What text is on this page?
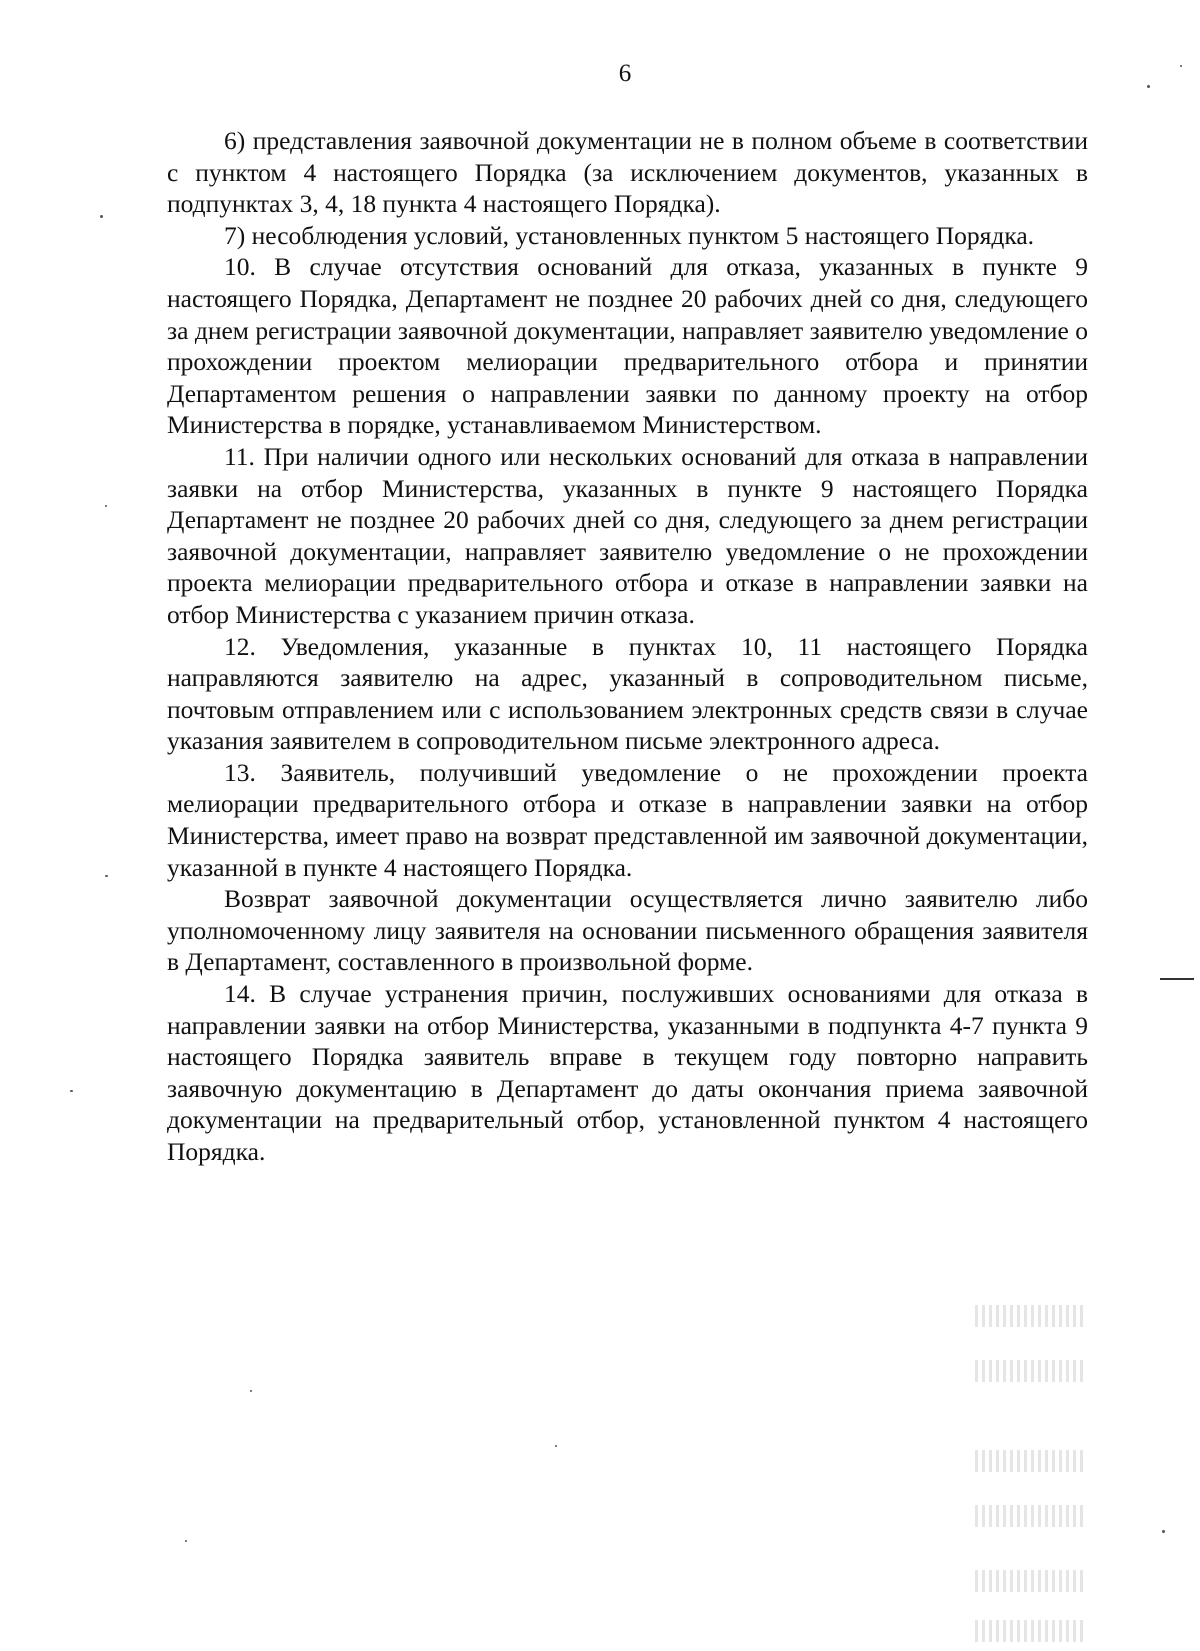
6

6) представления заявочной документации не в полном объеме в соответствии с пунктом 4 настоящего Порядка (за исключением документов, указанных в подпунктах 3, 4, 18 пункта 4 настоящего Порядка).

7) несоблюдения условий, установленных пунктом 5 настоящего Порядка.

10. В случае отсутствия оснований для отказа, указанных в пункте 9 настоящего Порядка, Департамент не позднее 20 рабочих дней со дня, следующего за днем регистрации заявочной документации, направляет заявителю уведомление о прохождении проектом мелиорации предварительного отбора и принятии Департаментом решения о направлении заявки по данному проекту на отбор Министерства в порядке, устанавливаемом Министерством.

11. При наличии одного или нескольких оснований для отказа в направлении заявки на отбор Министерства, указанных в пункте 9 настоящего Порядка Департамент не позднее 20 рабочих дней со дня, следующего за днем регистрации заявочной документации, направляет заявителю уведомление о не прохождении проекта мелиорации предварительного отбора и отказе в направлении заявки на отбор Министерства с указанием причин отказа.

12. Уведомления, указанные в пунктах 10, 11 настоящего Порядка направляются заявителю на адрес, указанный в сопроводительном письме, почтовым отправлением или с использованием электронных средств связи в случае указания заявителем в сопроводительном письме электронного адреса.

13. Заявитель, получивший уведомление о не прохождении проекта мелиорации предварительного отбора и отказе в направлении заявки на отбор Министерства, имеет право на возврат представленной им заявочной документации, указанной в пункте 4 настоящего Порядка.

Возврат заявочной документации осуществляется лично заявителю либо уполномоченному лицу заявителя на основании письменного обращения заявителя в Департамент, составленного в произвольной форме.

14. В случае устранения причин, послуживших основаниями для отказа в направлении заявки на отбор Министерства, указанными в подпункта 4-7 пункта 9 настоящего Порядка заявитель вправе в текущем году повторно направить заявочную документацию в Департамент до даты окончания приема заявочной документации на предварительный отбор, установленной пунктом 4 настоящего Порядка.
